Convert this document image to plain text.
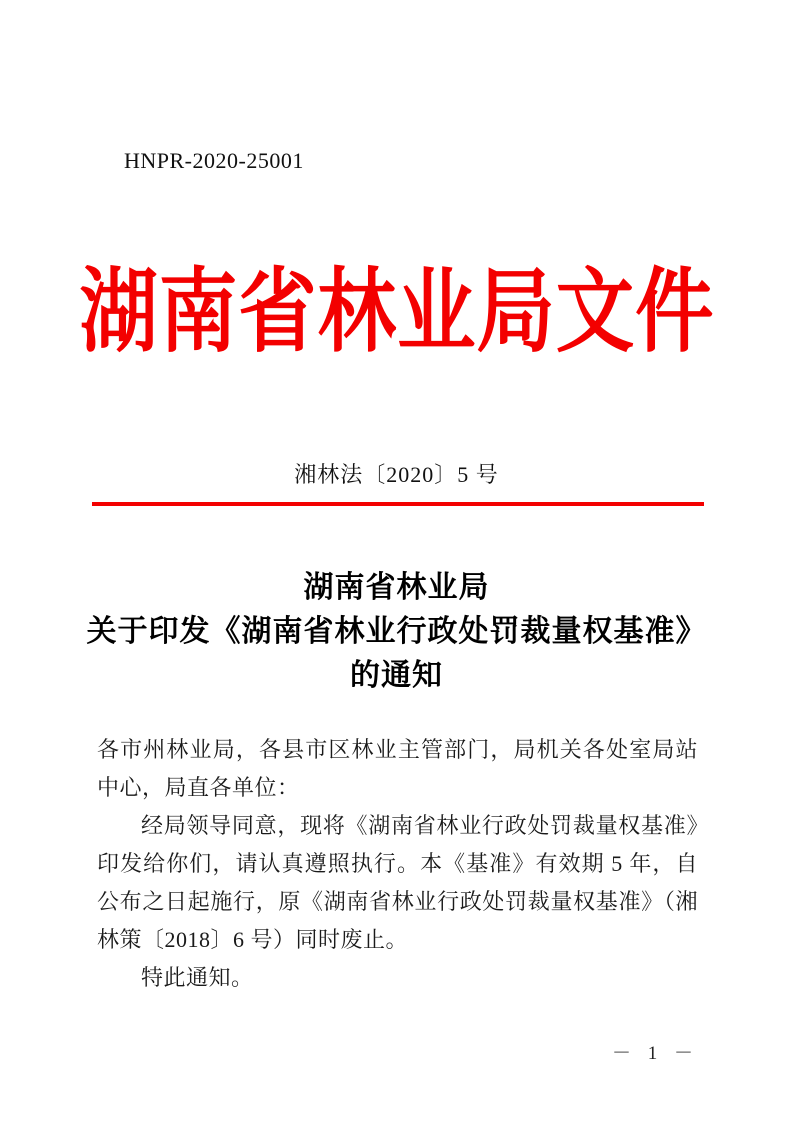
HNPR-2020-25001
湖南省林业局文件
湘林法〔2020〕5 号
湖南省林业局
关于印发《湖南省林业行政处罚裁量权基准》
的通知

各市州林业局，各县市区林业主管部门，局机关各处室局站中心，局直各单位：

经局领导同意，现将《湖南省林业行政处罚裁量权基准》印发给你们，请认真遵照执行。本《基准》有效期 5 年，自公布之日起施行，原《湖南省林业行政处罚裁量权基准》（湘林策〔2018〕6 号）同时废止。

特此通知。

－ 1 －
